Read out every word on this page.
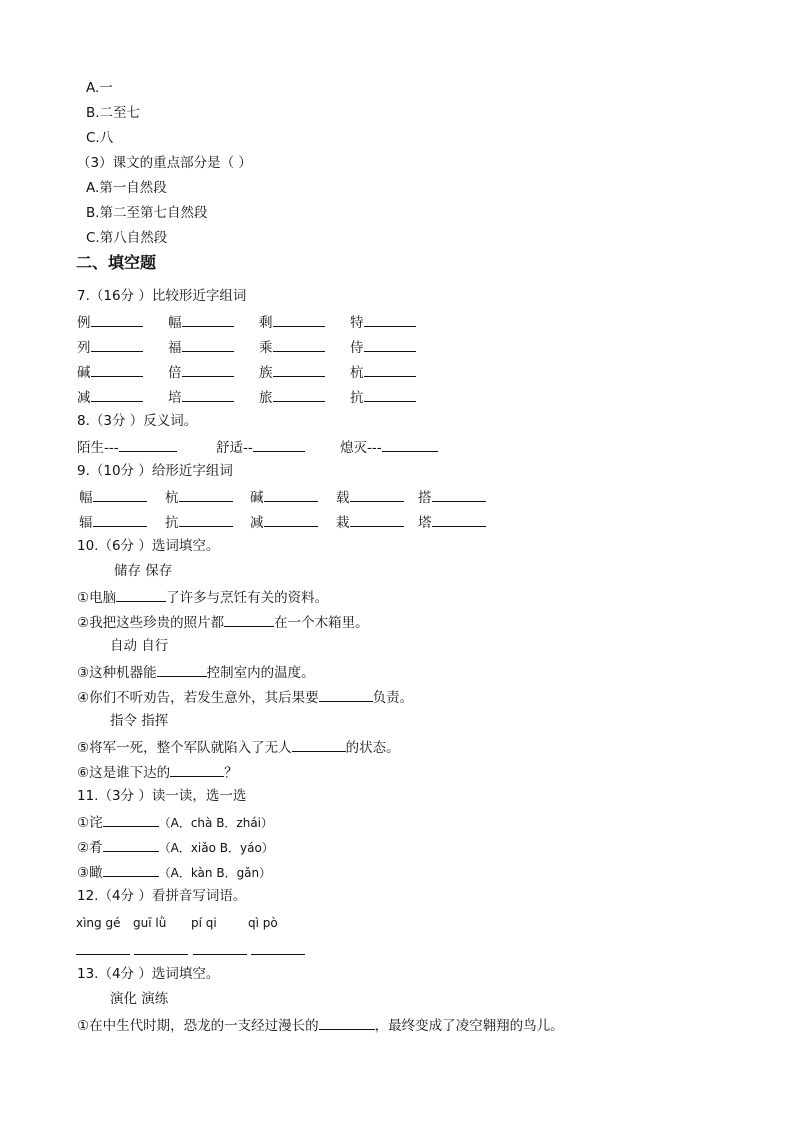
A.一
B.二至七
C.八
（3）课文的重点部分是（ ）
A.第一自然段
B.第二至第七自然段
C.第八自然段
二、填空题
7.（16分 ）比较形近字组词
例	幅	剩	特
列	福	乘	侍
碱	倍	族	杭
减	培	旅	抗
8.（3分 ）反义词。
陌生---	舒适--	熄灭---
9.（10分 ）给形近字组词
幅	杭	碱	载	搭
辐	抗	减	栽	塔
10.（6分 ）选词填空。
储存 保存
①电脑	了许多与烹饪有关的资料。
②我把这些珍贵的照片都	在一个木箱里。
自动 自行
③这种机器能	控制室内的温度。
④你们不听劝告，若发生意外，其后果要	负责。
指令 指挥
⑤将军一死，整个军队就陷入了无人	的状态。
⑥这是谁下达的	？
11.（3分 ）读一读，选一选
①诧	（A．chà B．zhái）
②肴	（A．xiǎo B．yáo）
③瞰	（A．kàn B．gǎn）
12.（4分 ）看拼音写词语。
xìng gé guī lǜ pí qi	qì pò

13.（4分 ）选词填空。
演化 演练
①在中生代时期，恐龙的一支经过漫长的	，最终变成了凌空翱翔的鸟儿。
